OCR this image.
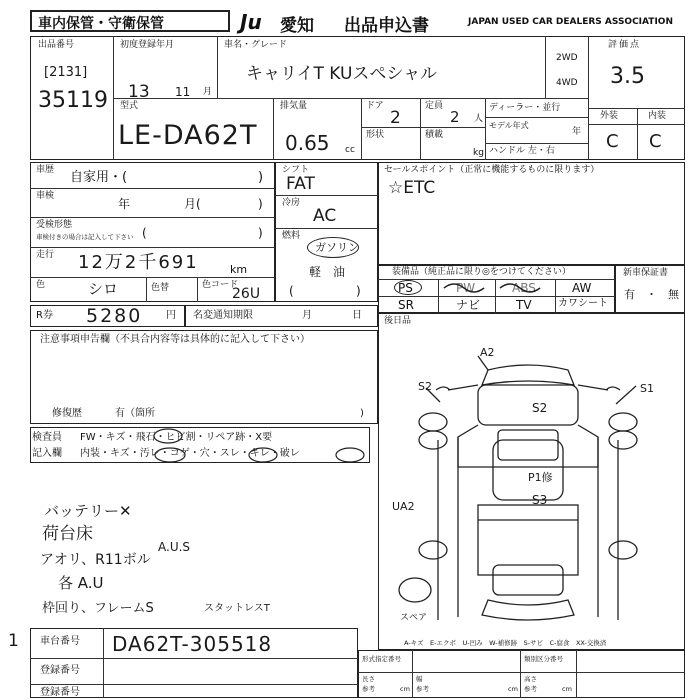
車内保管・守衛保管	Ju 愛知 出品申込書	JAPAN USED CAR DEALERS ASSOCIATION
出品番号
[2131]
35119
初度登録年月
13 11 月
車名・グレード
キャリイT KUスペシャル
2WD
4WD
評価点
3.5
外装	内装
C C
型式
LE-DA62T
排気量
0.65 cc
ドア
2
定員
2 人
形状	積載
kg
ディーラー・並行
モデル年式
年
ハンドル 左・右
車歴 自家用・(	)
車検
年	月(	)
受検形態
車検付きの場合は記入して下さい (	)
走行 12万2千691	km
色	シロ	色替	色コード
26U
シフト
FAT
冷房
AC
燃料
ガソリン
軽　油
(	)
セールスポイント（正常に機能するものに限ります）
☆ETC
装備品（純正品に限り◎をつけてください）
PS	PW	ABS	AW
SR	ナビ	TV	カワシート
新車保証書
有　・　無
R券 5280 円 名変通知期限	月	日
注意事項申告欄（不具合内容等は具体的に記入して下さい）
修復歴	有（箇所	)
検査員
記入欄
FW・キズ・飛石・ヒビ割・リペア跡・X要
内装・キズ・汚レ・コゲ・穴・スレ・キレ・破レ
バッテリー✕
荷台床
アオリ、R11ボル
A.U.S
各 A.U
枠回り、フレームS	スタットレスT
後日品
A2
S2	S1
S2
UA2
P1修
S3
スペア
A-キズ　E-エクボ　U-凹み　W-補修跡　S-サビ　C-腐食　XX-交換済
1 車台番号 DA62T-305518
登録番号
登録番号
形式指定番号	類別区分番号
長さ
参考	cm
幅
参考	cm
高さ
参考	cm
